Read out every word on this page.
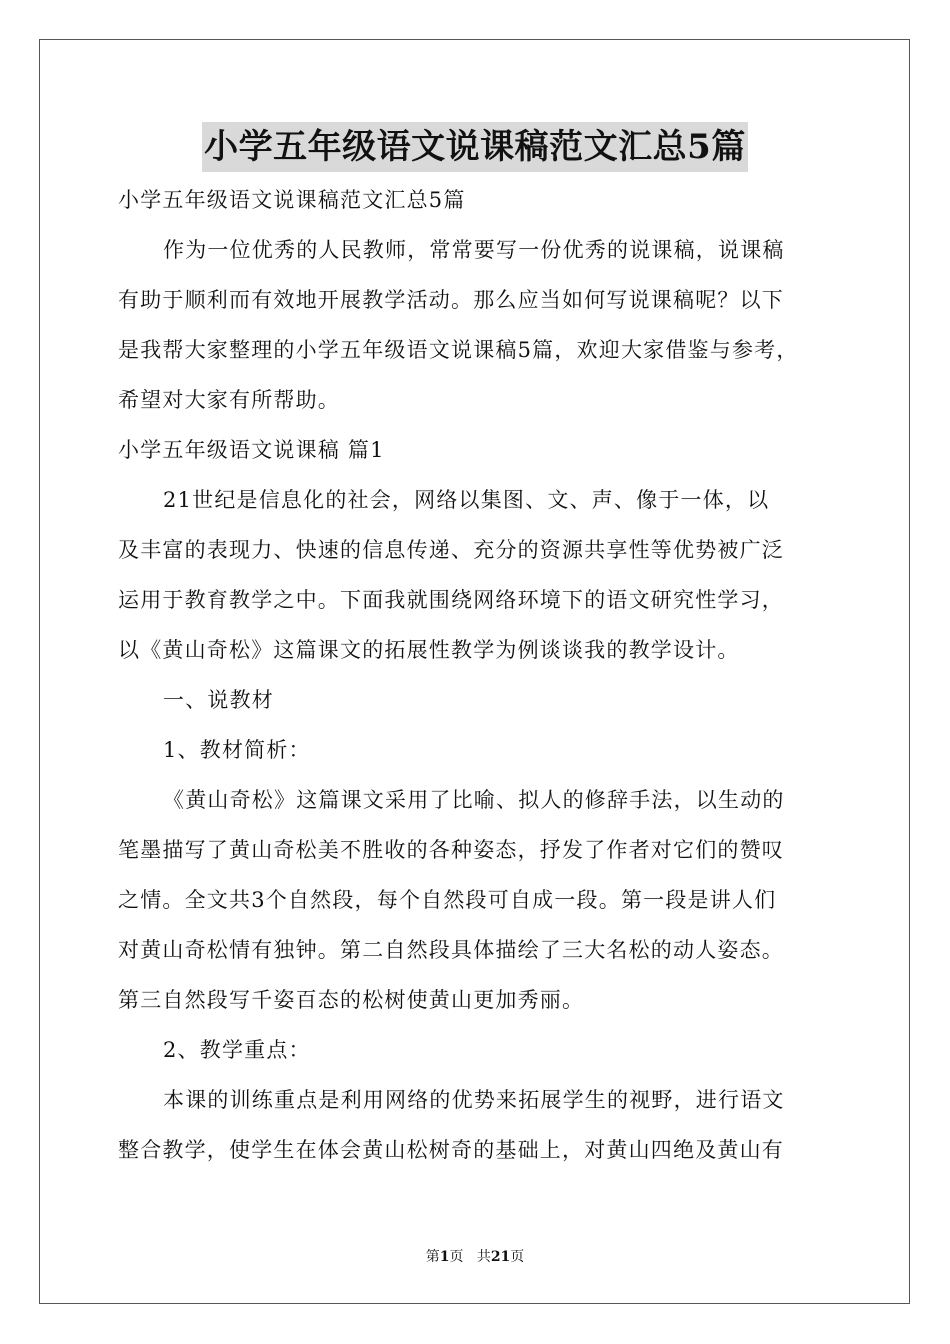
小学五年级语文说课稿范文汇总5篇
小学五年级语文说课稿范文汇总5篇
作为一位优秀的人民教师，常常要写一份优秀的说课稿，说课稿
有助于顺利而有效地开展教学活动。那么应当如何写说课稿呢？以下
是我帮大家整理的小学五年级语文说课稿5篇，欢迎大家借鉴与参考，
希望对大家有所帮助。
小学五年级语文说课稿 篇1
21世纪是信息化的社会，网络以集图、文、声、像于一体，以
及丰富的表现力、快速的信息传递、充分的资源共享性等优势被广泛
运用于教育教学之中。下面我就围绕网络环境下的语文研究性学习，
以《黄山奇松》这篇课文的拓展性教学为例谈谈我的教学设计。
一、说教材
1、教材简析：
《黄山奇松》这篇课文采用了比喻、拟人的修辞手法，以生动的
笔墨描写了黄山奇松美不胜收的各种姿态，抒发了作者对它们的赞叹
之情。全文共3个自然段，每个自然段可自成一段。第一段是讲人们
对黄山奇松情有独钟。第二自然段具体描绘了三大名松的动人姿态。
第三自然段写千姿百态的松树使黄山更加秀丽。
2、教学重点：
本课的训练重点是利用网络的优势来拓展学生的视野，进行语文
整合教学，使学生在体会黄山松树奇的基础上，对黄山四绝及黄山有
第1页 共21页
